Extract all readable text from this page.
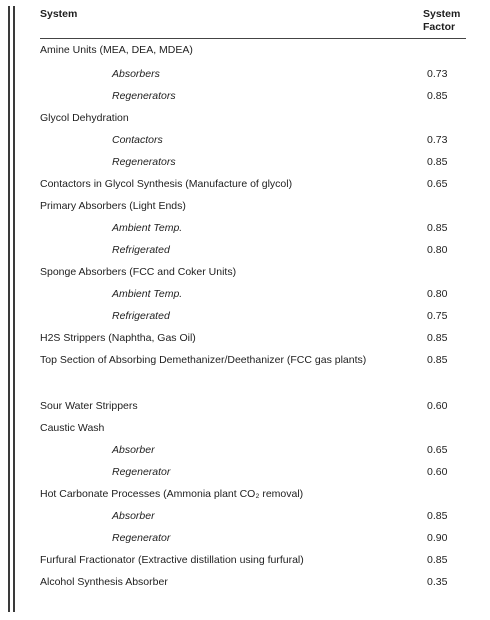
System	System
Factor
Amine Units (MEA, DEA, MDEA)
Absorbers	0.73
Regenerators	0.85
Glycol Dehydration
Contactors	0.73
Regenerators	0.85
Contactors in Glycol Synthesis (Manufacture of glycol)	0.65
Primary Absorbers (Light Ends)
Ambient Temp.	0.85
Refrigerated	0.80
Sponge Absorbers (FCC and Coker Units)
Ambient Temp.	0.80
Refrigerated	0.75
H2S Strippers (Naphtha, Gas Oil)	0.85
Top Section of Absorbing Demethanizer/Deethanizer (FCC gas plants)	0.85
Sour Water Strippers	0.60
Caustic Wash
Absorber	0.65
Regenerator	0.60
Hot Carbonate Processes (Ammonia plant CO₂ removal)
Absorber	0.85
Regenerator	0.90
Furfural Fractionator (Extractive distillation using furfural)	0.85
Alcohol Synthesis Absorber	0.35
